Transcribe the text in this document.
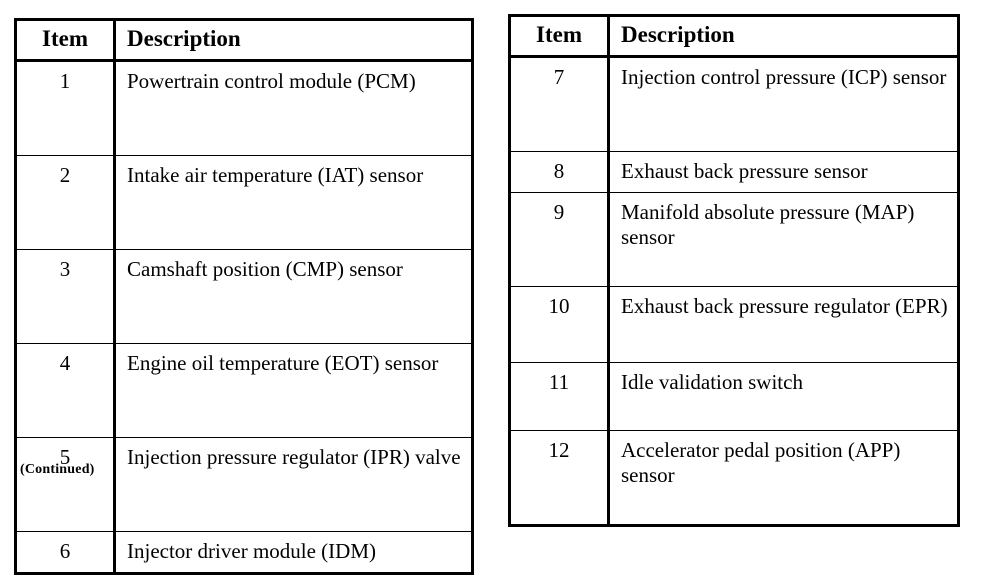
Item	Description
1	Powertrain control module (PCM)
2	Intake air temperature (IAT) sensor
3	Camshaft position (CMP) sensor
4	Engine oil temperature (EOT) sensor
5	Injection pressure regulator (IPR) valve
6	Injector driver module (IDM)
(Continued)
Item	Description
7	Injection control pressure (ICP) sensor
8	Exhaust back pressure sensor
9	Manifold absolute pressure (MAP) sensor
10	Exhaust back pressure regulator (EPR)
11	Idle validation switch
12	Accelerator pedal position (APP) sensor
